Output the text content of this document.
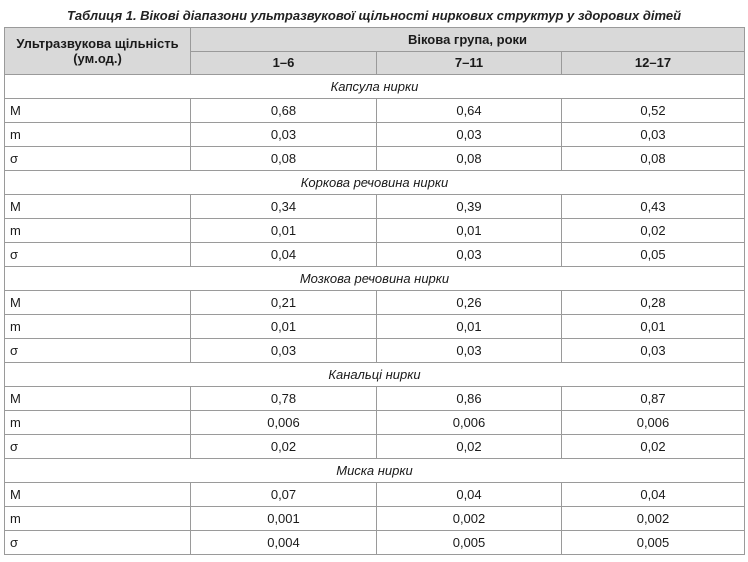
Таблиця 1. Вікові діапазони ультразвукової щільності ниркових структур у здорових дітей
Ультразвукова щільність (ум.од.)	Вікова група, роки		
	1–6	7–11	12–17
Капсула нирки			
M	0,68	0,64	0,52
m	0,03	0,03	0,03
σ	0,08	0,08	0,08
Коркова речовина нирки			
M	0,34	0,39	0,43
m	0,01	0,01	0,02
σ	0,04	0,03	0,05
Мозкова речовина нирки			
M	0,21	0,26	0,28
m	0,01	0,01	0,01
σ	0,03	0,03	0,03
Канальці нирки			
M	0,78	0,86	0,87
m	0,006	0,006	0,006
σ	0,02	0,02	0,02
Миска нирки			
M	0,07	0,04	0,04
m	0,001	0,002	0,002
σ	0,004	0,005	0,005
